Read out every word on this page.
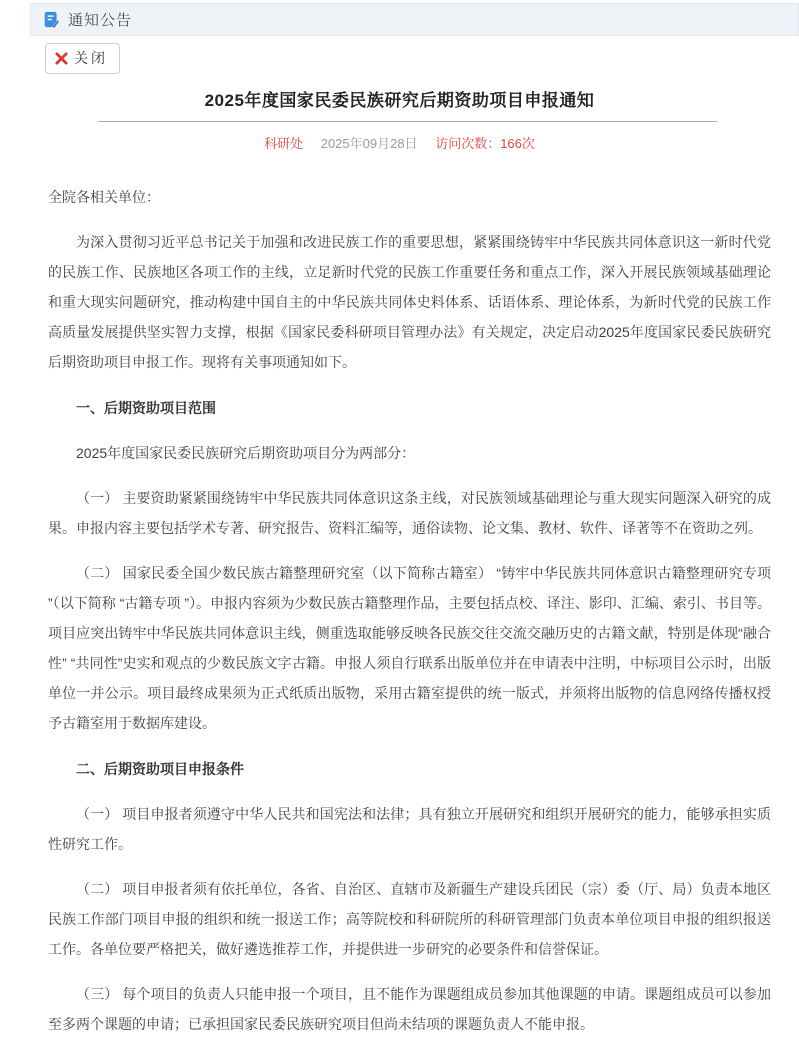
通知公告
关闭
2025年度国家民委民族研究后期资助项目申报通知
科研处 2025年09月28日 访问次数：166次

全院各相关单位：

为深入贯彻习近平总书记关于加强和改进民族工作的重要思想，紧紧围绕铸牢中华民族共同体意识这一新时代党的民族工作、民族地区各项工作的主线，立足新时代党的民族工作重要任务和重点工作，深入开展民族领域基础理论和重大现实问题研究，推动构建中国自主的中华民族共同体史料体系、话语体系、理论体系，为新时代党的民族工作高质量发展提供坚实智力支撑，根据《国家民委科研项目管理办法》有关规定，决定启动2025年度国家民委民族研究后期资助项目申报工作。现将有关事项通知如下。

一、后期资助项目范围

2025年度国家民委民族研究后期资助项目分为两部分：

（一） 主要资助紧紧围绕铸牢中华民族共同体意识这条主线，对民族领域基础理论与重大现实问题深入研究的成果。申报内容主要包括学术专著、研究报告、资料汇编等，通俗读物、论文集、教材、软件、译著等不在资助之列。

（二） 国家民委全国少数民族古籍整理研究室（以下简称古籍室） “铸牢中华民族共同体意识古籍整理研究专项 ”（以下简称 “古籍专项 ”）。申报内容须为少数民族古籍整理作品，主要包括点校、译注、影印、汇编、索引、书目等。项目应突出铸牢中华民族共同体意识主线，侧重选取能够反映各民族交往交流交融历史的古籍文献，特别是体现“融合性” “共同性”史实和观点的少数民族文字古籍。申报人须自行联系出版单位并在申请表中注明，中标项目公示时，出版单位一并公示。项目最终成果须为正式纸质出版物，采用古籍室提供的统一版式，并须将出版物的信息网络传播权授予古籍室用于数据库建设。

二、后期资助项目申报条件

（一） 项目申报者须遵守中华人民共和国宪法和法律；具有独立开展研究和组织开展研究的能力，能够承担实质性研究工作。

（二） 项目申报者须有依托单位，各省、自治区、直辖市及新疆生产建设兵团民（宗）委（厅、局）负责本地区民族工作部门项目申报的组织和统一报送工作；高等院校和科研院所的科研管理部门负责本单位项目申报的组织报送工作。各单位要严格把关，做好遴选推荐工作，并提供进一步研究的必要条件和信誉保证。

（三） 每个项目的负责人只能申报一个项目，且不能作为课题组成员参加其他课题的申请。课题组成员可以参加至多两个课题的申请；已承担国家民委民族研究项目但尚未结项的课题负责人不能申报。
